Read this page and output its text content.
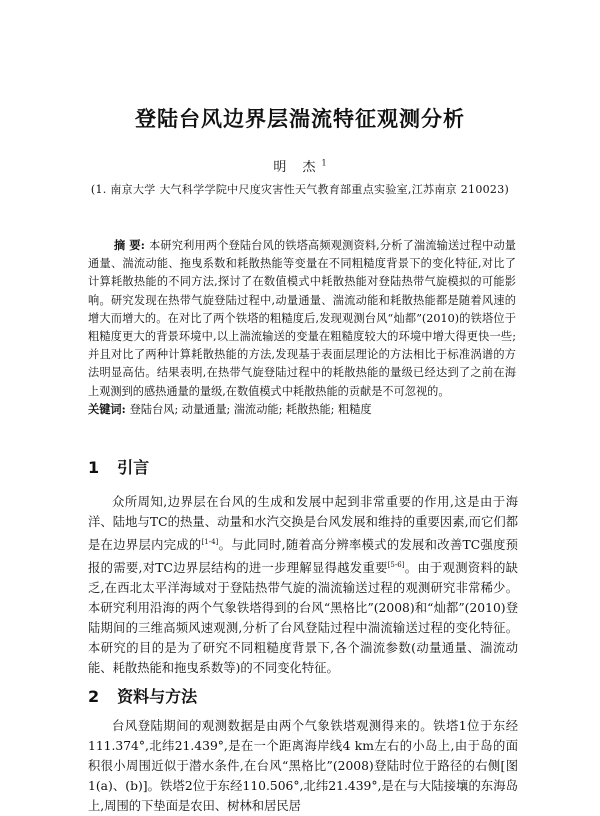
登陆台风边界层湍流特征观测分析
明 杰$^1$
(1. 南京大学 大气科学学院中尺度灾害性天气教育部重点实验室,江苏南京 210023)
摘 要: 本研究利用两个登陆台风的铁塔高频观测资料,分析了湍流输送过程中动量通量、湍流动能、拖曳系数和耗散热能等变量在不同粗糙度背景下的变化特征,对比了计算耗散热能的不同方法,探讨了在数值模式中耗散热能对登陆热带气旋模拟的可能影响。研究发现在热带气旋登陆过程中,动量通量、湍流动能和耗散热能都是随着风速的增大而增大的。在对比了两个铁塔的粗糙度后,发现观测台风“灿都”(2010)的铁塔位于粗糙度更大的背景环境中,以上湍流输送的变量在粗糙度较大的环境中增大得更快一些;并且对比了两种计算耗散热能的方法,发现基于表面层理论的方法相比于标准涡谱的方法明显高估。结果表明,在热带气旋登陆过程中的耗散热能的量级已经达到了之前在海上观测到的感热通量的量级,在数值模式中耗散热能的贡献是不可忽视的。
关键词: 登陆台风; 动量通量; 湍流动能; 耗散热能; 粗糙度
1 引言

众所周知,边界层在台风的生成和发展中起到非常重要的作用,这是由于海洋、陆地与TC的热量、动量和水汽交换是台风发展和维持的重要因素,而它们都是在边界层内完成的[1-4]。与此同时,随着高分辨率模式的发展和改善TC强度预报的需要,对TC边界层结构的进一步理解显得越发重要[5-6]。由于观测资料的缺乏,在西北太平洋海域对于登陆热带气旋的湍流输送过程的观测研究非常稀少。本研究利用沿海的两个气象铁塔得到的台风“黑格比”(2008)和“灿都”(2010)登陆期间的三维高频风速观测,分析了台风登陆过程中湍流输送过程的变化特征。本研究的目的是为了研究不同粗糙度背景下,各个湍流参数(动量通量、湍流动能、耗散热能和拖曳系数等)的不同变化特征。

2 资料与方法

台风登陆期间的观测数据是由两个气象铁塔观测得来的。铁塔1位于东经111.374°,北纬21.439°,是在一个距离海岸线4 km左右的小岛上,由于岛的面积很小周围近似于潜水条件,在台风“黑格比”(2008)登陆时位于路径的右侧[图1(a)、(b)]。铁塔2位于东经110.506°,北纬21.439°,是在与大陆接壤的东海岛上,周围的下垫面是农田、树林和居民居
